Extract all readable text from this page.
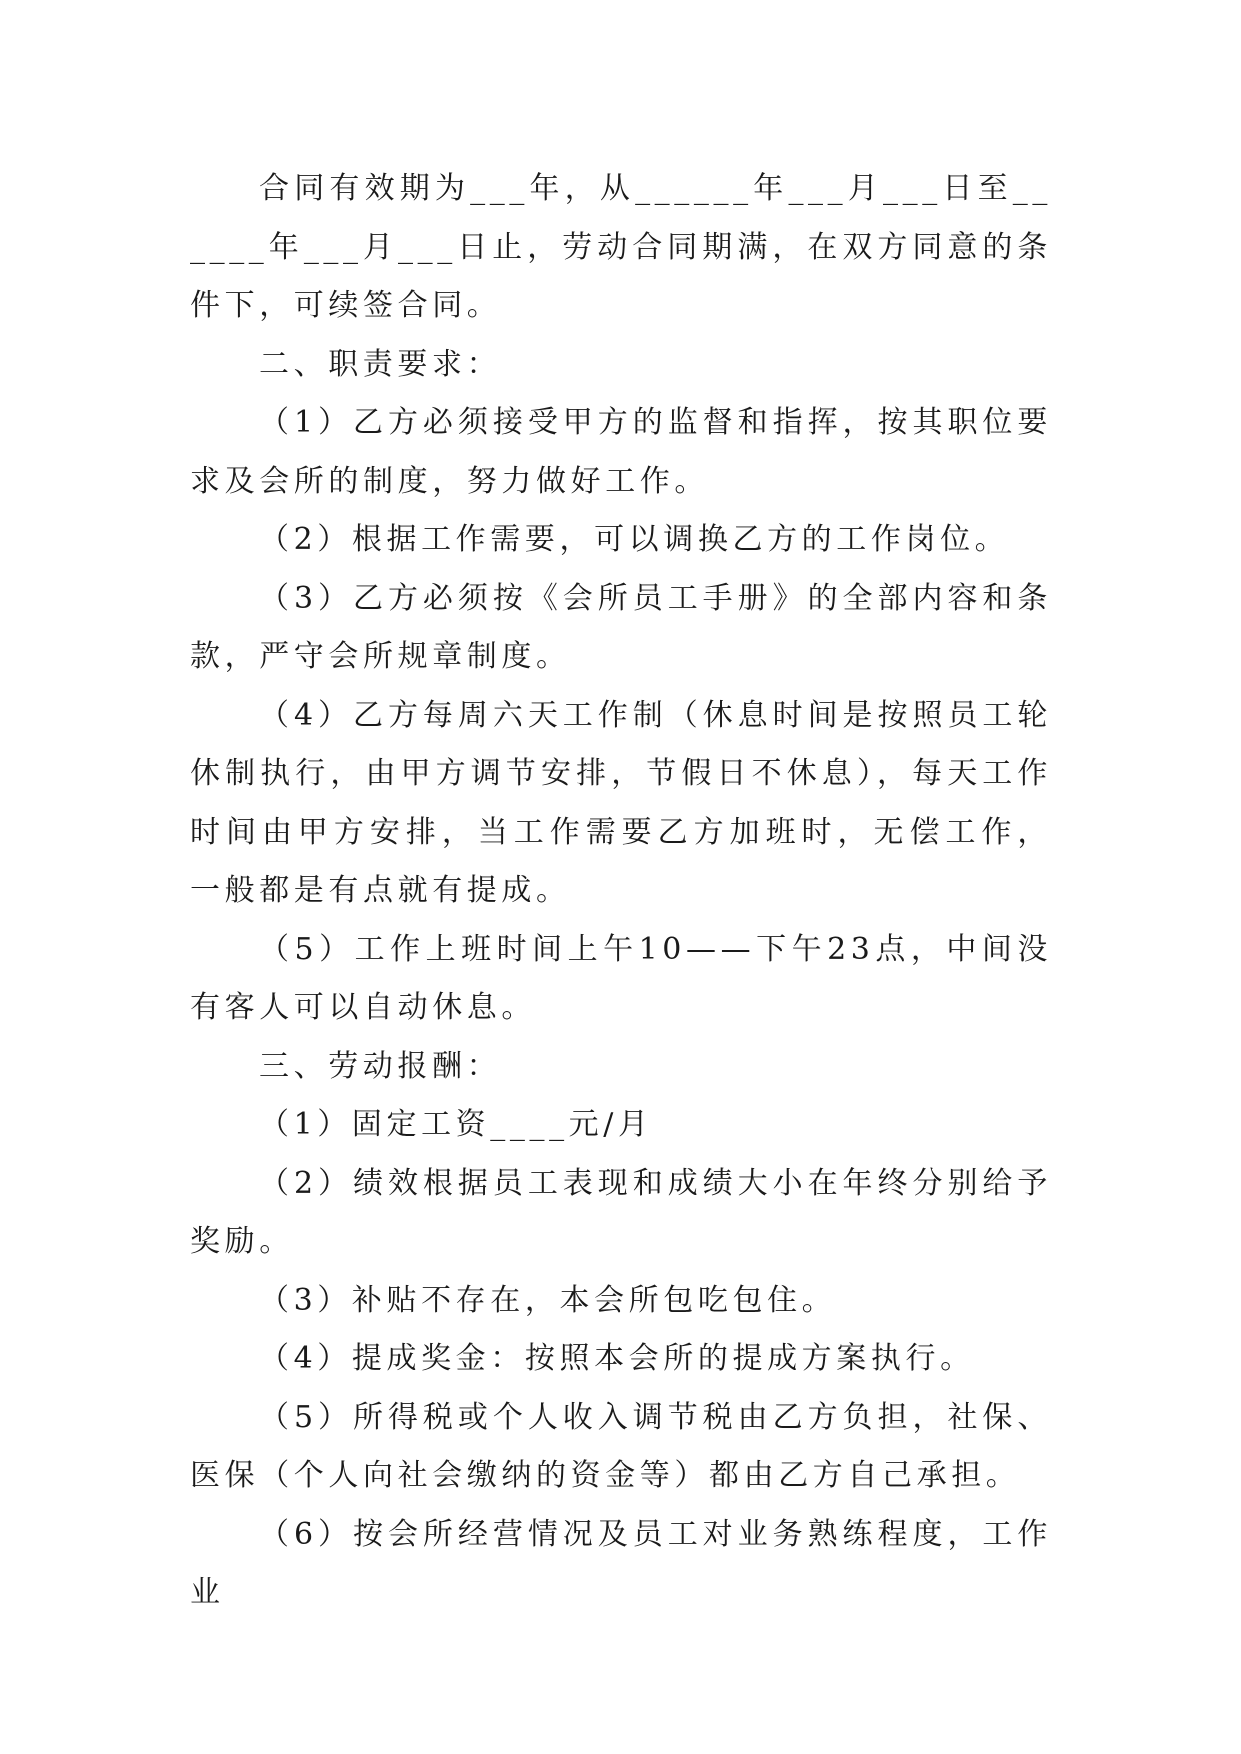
合同有效期为___年，从______年___月___日至______年___月___日止，劳动合同期满，在双方同意的条件下，可续签合同。

二、职责要求：

（1）乙方必须接受甲方的监督和指挥，按其职位要求及会所的制度，努力做好工作。

（2）根据工作需要，可以调换乙方的工作岗位。

（3）乙方必须按《会所员工手册》的全部内容和条款，严守会所规章制度。

（4）乙方每周六天工作制（休息时间是按照员工轮休制执行，由甲方调节安排，节假日不休息），每天工作时间由甲方安排，当工作需要乙方加班时，无偿工作，一般都是有点就有提成。

（5）工作上班时间上午10——下午23点，中间没有客人可以自动休息。

三、劳动报酬：

（1）固定工资____元/月

（2）绩效根据员工表现和成绩大小在年终分别给予奖励。

（3）补贴不存在，本会所包吃包住。

（4）提成奖金：按照本会所的提成方案执行。

（5）所得税或个人收入调节税由乙方负担，社保、医保（个人向社会缴纳的资金等）都由乙方自己承担。

（6）按会所经营情况及员工对业务熟练程度，工作业
